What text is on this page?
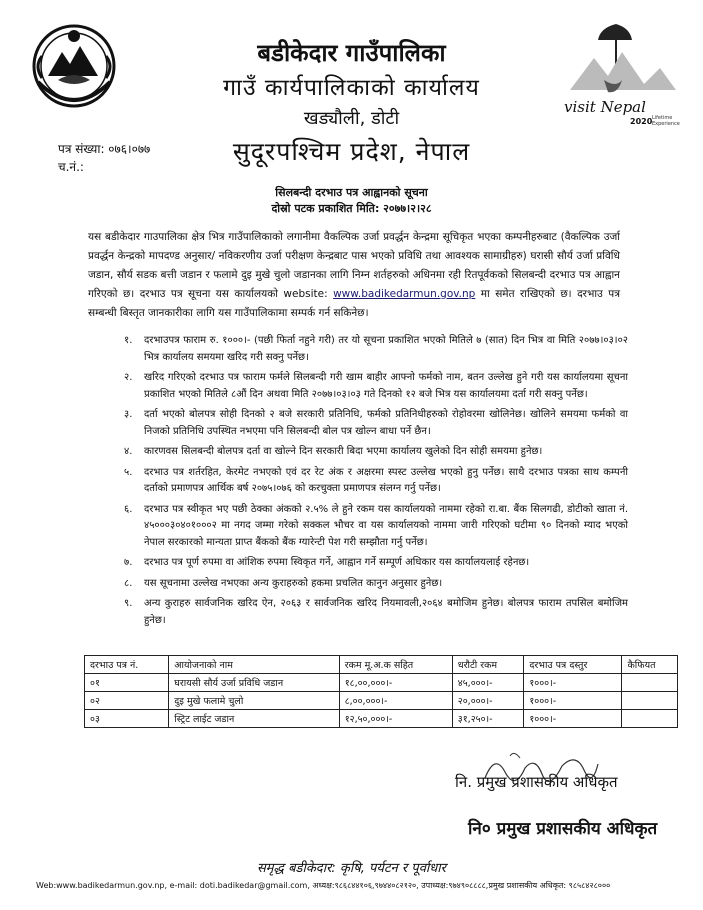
visit Nepal
2020 Lifetime
Experiences
बडीकेदार गाउँपालिका
गाउँ कार्यपालिकाको कार्यालय
खड्यौली, डोटी
सुदूरपश्चिम प्रदेश, नेपाल
पत्र संख्या: ०७६।०७७
च.नं.:
सिलबन्दी दरभाउ पत्र आह्वानको सूचना
दोस्रो पटक प्रकाशित मिति: २०७७।२।२८
यस बडीकेदार गाउपालिका क्षेत्र भित्र गाउँपालिकाको लगानीमा वैकल्पिक उर्जा प्रवर्द्धन केन्द्रमा सूचिकृत भएका कम्पनीहरुबाट (वैकल्पिक उर्जा प्रवर्द्धन केन्द्रको मापदण्ड अनुसार/ नविकरणीय उर्जा परीक्षण केन्द्रबाट पास भएको प्रविधि तथा आवश्यक सामाग्रीहरु) घरासी सौर्य उर्जा प्रविधि जडान, सौर्य सडक बत्ती जडान र फलामे दुइ मुखे चुलो जडानका लागि निम्न शर्तहरुको अधिनमा रही रितपूर्वकको सिलबन्दी दरभाउ पत्र आह्वान गरिएको छ। दरभाउ पत्र सूचना यस कार्यालयको website: www.badikedarmun.gov.np मा समेत राखिएको छ। दरभाउ पत्र सम्बन्धी बिस्तृत जानकारीका लागि यस गाउँपालिकामा सम्पर्क गर्न सकिनेछ।
१.	दरभाउपत्र फाराम रु. १०००।- (पछी फिर्ता नहुने गरी) तर यो सूचना प्रकाशित भएको मितिले ७ (सात) दिन भित्र वा मिति २०७७।०३।०२ भित्र कार्यालय समयमा खरिद गरी सक्नु पर्नेछ।
२.	खरिद गरिएको दरभाउ पत्र फाराम फर्मले सिलबन्दी गरी खाम बाहीर आफ्नो फर्मको नाम, बतन उल्लेख हुने गरी यस कार्यालयमा सूचना प्रकाशित भएको मितिले ८औं दिन अथवा मिति २०७७।०३।०३ गते दिनको १२ बजे भित्र यस कार्यालयमा दर्ता गरी सक्नु पर्नेछ।
३.	दर्ता भएको बोलपत्र सोही दिनको २ बजे सरकारी प्रतिनिधि, फर्मको प्रतिनिधीहरुको रोहोवरमा खोलिनेछ। खोलिने समयमा फर्मको वा निजको प्रतिनिधि उपस्थित नभएमा पनि सिलबन्दी बोल पत्र खोल्न बाधा पर्ने छैन।
४.	कारणवस सिलबन्दी बोलपत्र दर्ता वा खोल्ने दिन सरकारी बिदा भएमा कार्यालय खुलेको दिन सोही समयमा हुनेछ।
५.	दरभाउ पत्र शर्तरहित, केरमेट नभएको एवं दर रेट अंक र अक्षरमा स्पस्ट उल्लेख भएको हुनु पर्नेछ। साथै दरभाउ पत्रका साथ कम्पनी दर्ताको प्रमाणपत्र आर्थिक बर्ष २०७५।०७६ को करचुक्ता प्रमाणपत्र संलग्न गर्नु पर्नेछ।
६.	दरभाउ पत्र स्वीकृत भए पछी ठेक्का अंकको २.५% ले हुने रकम यस कार्यालयको नाममा रहेको रा.बा. बैंक सिलगढी, डोटीको खाता नं. ४५०००३०४०१०००२ मा नगद जम्मा गरेको सक्कल भौचर वा यस कार्यालयको नाममा जारी गरिएको घटीमा ९० दिनको म्याद भएको नेपाल सरकारको मान्यता प्राप्त बैंकको बैंक ग्यारेन्टी पेश गरी सम्झौता गर्नु पर्नेछ।
७.	दरभाउ पत्र पूर्ण रुपमा वा आंशिक रुपमा स्विकृत गर्ने, आह्वान गर्ने सम्पूर्ण अधिकार यस कार्यालयलाई रहेनछ।
८.	यस सूचनामा उल्लेख नभएका अन्य कुराहरुको हकमा प्रचलित कानुन अनुसार हुनेछ।
९.	अन्य कुराहरु सार्वजनिक खरिद ऐन, २०६३ र सार्वजनिक खरिद नियमावली,२०६४ बमोजिम हुनेछ। बोलपत्र फाराम तपसिल बमोजिम हुनेछ।
दरभाउ पत्र नं.	आयोजनाको नाम	रकम मू.अ.क सहित	धरौटी रकम	दरभाउ पत्र दस्तुर	कैफियत
०१	घरायसी सौर्य उर्जा प्रविधि जडान	१८,००,०००।-	४५,०००।-	१०००।-	
०२	दुइ मुखे फलामे चुलो	८,००,०००।-	२०,०००।-	१०००।-	
०३	स्ट्रिट लाईट जडान	१२,५०,०००।-	३१,२५०।-	१०००।-	
नि. प्रमुख प्रशासकीय अधिकृत
नि० प्रमुख प्रशासकीय अधिकृत
समृद्ध बडीकेदार: कृषि, पर्यटन र पूर्वाधार
Web:www.badikedarmun.gov.np, e-mail: doti.badikedar@gmail.com, अध्यक्ष:९८६८४४१०६,९७४४०८२१२०, उपाध्यक्ष:९७४९०८८८८,प्रमुख प्रशासकीय अधिकृत: ९८५८४२८०००
